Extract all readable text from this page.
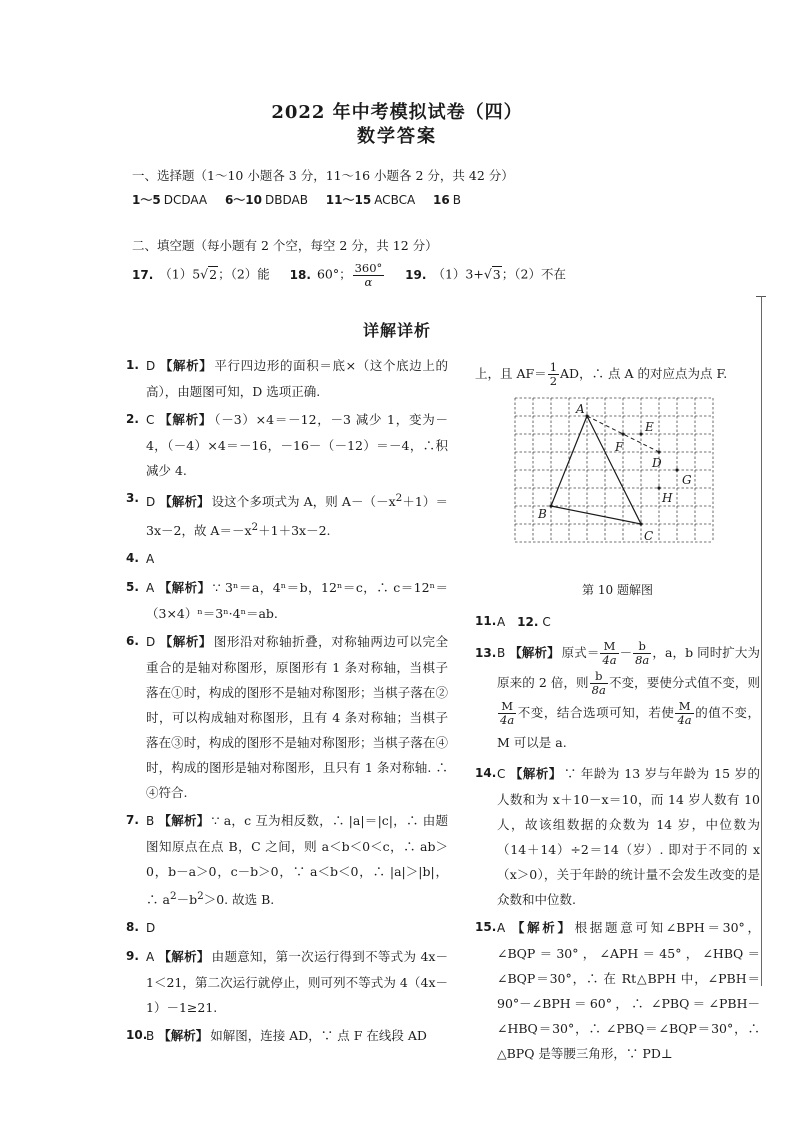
2022 年中考模拟试卷（四）
数学答案
一、选择题（1～10 小题各 3 分，11～16 小题各 2 分，共 42 分）
1～5 DCDAA 6～10 DBDAB 11～15 ACBCA 16 B
二、填空题（每小题有 2 个空，每空 2 分，共 12 分）
17. （1）5√2；（2）能 18. 60°； $\frac{360^\circ}{\alpha} 19$. （1）3+√3；（2）不在
详解详析
1. D 【解析】 平行四边形的面积＝底×（这个底边上的高），由题图可知，D 选项正确.
2. C 【解析】 （－3）×4＝－12，－3 减少 1，变为－4，（－4）×4＝－16，－16－（－12）＝－4，∴积减少 4.
3. D 【解析】 设这个多项式为 A，则 $A-(-x^2+1)=3x-2$，故 $A=-x^2+1+3x-2$.
4. A
5. A 【解析】 ∵ 3ⁿ＝a，4ⁿ＝b，12ⁿ＝c，∴ c＝12ⁿ＝（3×4）ⁿ＝3ⁿ·4ⁿ＝ab.
6. D 【解析】 图形沿对称轴折叠，对称轴两边可以完全重合的是轴对称图形，原图形有 1 条对称轴，当棋子落在①时，构成的图形不是轴对称图形；当棋子落在②时，可以构成轴对称图形，且有 4 条对称轴；当棋子落在③时，构成的图形不是轴对称图形；当棋子落在④时，构成的图形是轴对称图形，且只有 1 条对称轴. ∴ ④符合.
7. B 【解析】 ∵ a，c 互为相反数，∴ |a|＝|c|，∴ 由题图知原点在点 B，C 之间，则 a＜b＜0＜c，∴ ab＞0，b－a＞0，c－b＞0，∵ a＜b＜0，∴ |a|＞|b|，∴ $a^2-b^2>0$. 故选 B.
8. D
9. A 【解析】 由题意知，第一次运行得到不等式为 4x－1＜21，第二次运行就停止，则可列不等式为 4（4x－1）－1≥21.
10.
B 【解析】 如解图，连接 AD，∵ 点 F 在线段 AD
上，且 $AF= \frac{1}{2}$ AD，∴ 点 A 的对应点为点 F.
A
B
C
D
E
F
G
H
第 10 题解图
11. A 12. C
13. B 【解析】 原式＝ $\frac{M}{4a} - \frac{b}{8a}$ ，a，b 同时扩大为原来的 2 倍，则 $\frac{b}{8a}$ 不变，要使分式值不变，则
$\frac{M}{4a}$ 不变，结合选项可知，若使 $\frac{M}{4a}$ 的值不变，M 可以是 a.
14. C 【解析】 ∵ 年龄为 13 岁与年龄为 15 岁的人数和为 x＋10－x＝10，而 14 岁人数有 10 人，故该组数据的众数为 14 岁，中位数为（14＋14）÷2＝14（岁）. 即对于不同的 x（x＞0），关于年龄的统计量不会发生改变的是众数和中位数.
15. A 【解析】 根据题意可知∠BPH＝30°，∠BQP＝30°，∠APH＝45°，∠HBQ＝∠BQP＝30°，∴ 在 Rt△BPH 中，∠PBH＝90°－∠BPH＝60°，∴ ∠PBQ＝∠PBH－∠HBQ＝30°，∴ ∠PBQ＝∠BQP＝30°，∴ △BPQ 是等腰三角形，∵ PD⊥
